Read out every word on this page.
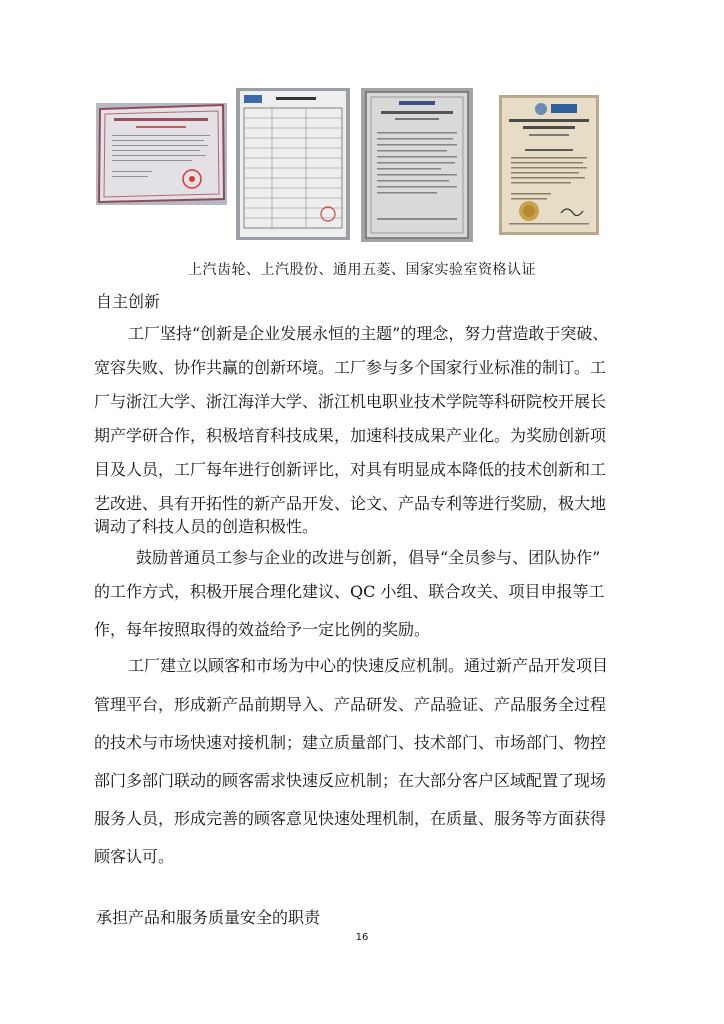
上汽齿轮、上汽股份、通用五菱、国家实验室资格认证
自主创新
工厂坚持“创新是企业发展永恒的主题”的理念，努力营造敢于突破、
宽容失败、协作共赢的创新环境。工厂参与多个国家行业标准的制订。工
厂与浙江大学、浙江海洋大学、浙江机电职业技术学院等科研院校开展长
期产学研合作，积极培育科技成果，加速科技成果产业化。为奖励创新项
目及人员，工厂每年进行创新评比，对具有明显成本降低的技术创新和工
艺改进、具有开拓性的新产品开发、论文、产品专利等进行奖励，极大地
调动了科技人员的创造积极性。
鼓励普通员工参与企业的改进与创新，倡导“全员参与、团队协作”
的工作方式，积极开展合理化建议、QC 小组、联合攻关、项目申报等工
作，每年按照取得的效益给予一定比例的奖励。
工厂建立以顾客和市场为中心的快速反应机制。通过新产品开发项目
管理平台，形成新产品前期导入、产品研发、产品验证、产品服务全过程
的技术与市场快速对接机制；建立质量部门、技术部门、市场部门、物控
部门多部门联动的顾客需求快速反应机制；在大部分客户区域配置了现场
服务人员，形成完善的顾客意见快速处理机制，在质量、服务等方面获得
顾客认可。
承担产品和服务质量安全的职责
16
